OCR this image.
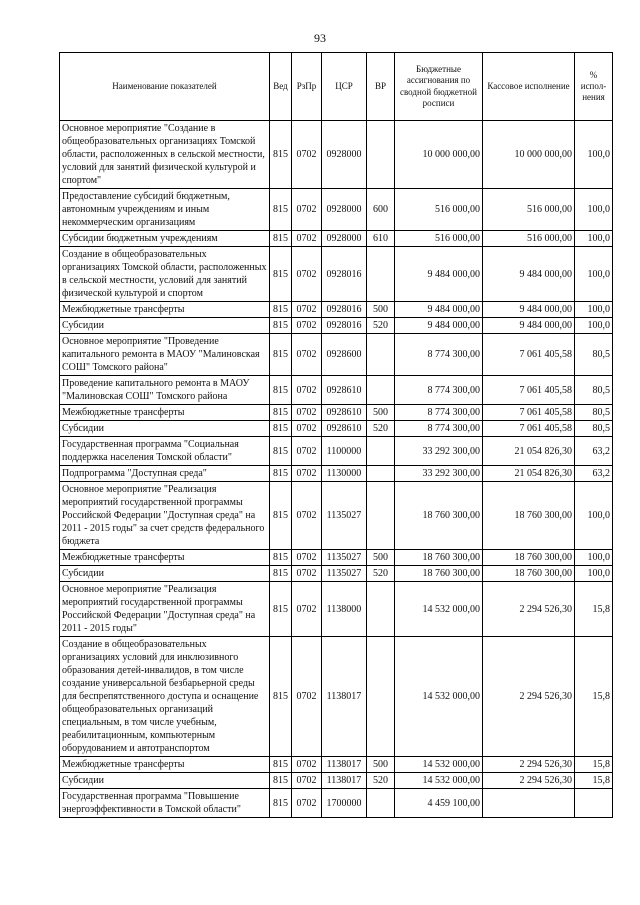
93
Наименование показателей	Вед	РзПр	ЦСР	ВР	Бюджетные ассигнования по сводной бюджетной росписи	Кассовое исполнение	% испол-нения
Основное мероприятие "Создание в общеобразовательных организациях Томской области, расположенных в сельской местности, условий для занятий физической культурой и спортом"	815	0702	0928000		10 000 000,00	10 000 000,00	100,0
Предоставление субсидий бюджетным, автономным учреждениям и иным некоммерческим организациям	815	0702	0928000	600	516 000,00	516 000,00	100,0
Субсидии бюджетным учреждениям	815	0702	0928000	610	516 000,00	516 000,00	100,0
Создание в общеобразовательных организациях Томской области, расположенных в сельской местности, условий для занятий физической культурой и спортом	815	0702	0928016		9 484 000,00	9 484 000,00	100,0
Межбюджетные трансферты	815	0702	0928016	500	9 484 000,00	9 484 000,00	100,0
Субсидии	815	0702	0928016	520	9 484 000,00	9 484 000,00	100,0
Основное мероприятие "Проведение капитального ремонта в МАОУ "Малиновская СОШ" Томского района"	815	0702	0928600		8 774 300,00	7 061 405,58	80,5
Проведение капитального ремонта в МАОУ "Малиновская СОШ" Томского района	815	0702	0928610		8 774 300,00	7 061 405,58	80,5
Межбюджетные трансферты	815	0702	0928610	500	8 774 300,00	7 061 405,58	80,5
Субсидии	815	0702	0928610	520	8 774 300,00	7 061 405,58	80,5
Государственная программа "Социальная поддержка населения Томской области"	815	0702	1100000		33 292 300,00	21 054 826,30	63,2
Подпрограмма "Доступная среда"	815	0702	1130000		33 292 300,00	21 054 826,30	63,2
Основное мероприятие "Реализация мероприятий государственной программы Российской Федерации "Доступная среда" на 2011 - 2015 годы" за счет средств федерального бюджета	815	0702	1135027		18 760 300,00	18 760 300,00	100,0
Межбюджетные трансферты	815	0702	1135027	500	18 760 300,00	18 760 300,00	100,0
Субсидии	815	0702	1135027	520	18 760 300,00	18 760 300,00	100,0
Основное мероприятие "Реализация мероприятий государственной программы Российской Федерации "Доступная среда" на 2011 - 2015 годы"	815	0702	1138000		14 532 000,00	2 294 526,30	15,8
Создание в общеобразовательных организациях условий для инклюзивного образования детей-инвалидов, в том числе создание универсальной безбарьерной среды для беспрепятственного доступа и оснащение общеобразовательных организаций специальным, в том числе учебным, реабилитационным, компьютерным оборудованием и автотранспортом	815	0702	1138017		14 532 000,00	2 294 526,30	15,8
Межбюджетные трансферты	815	0702	1138017	500	14 532 000,00	2 294 526,30	15,8
Субсидии	815	0702	1138017	520	14 532 000,00	2 294 526,30	15,8
Государственная программа "Повышение энергоэффективности в Томской области"	815	0702	1700000		4 459 100,00		
